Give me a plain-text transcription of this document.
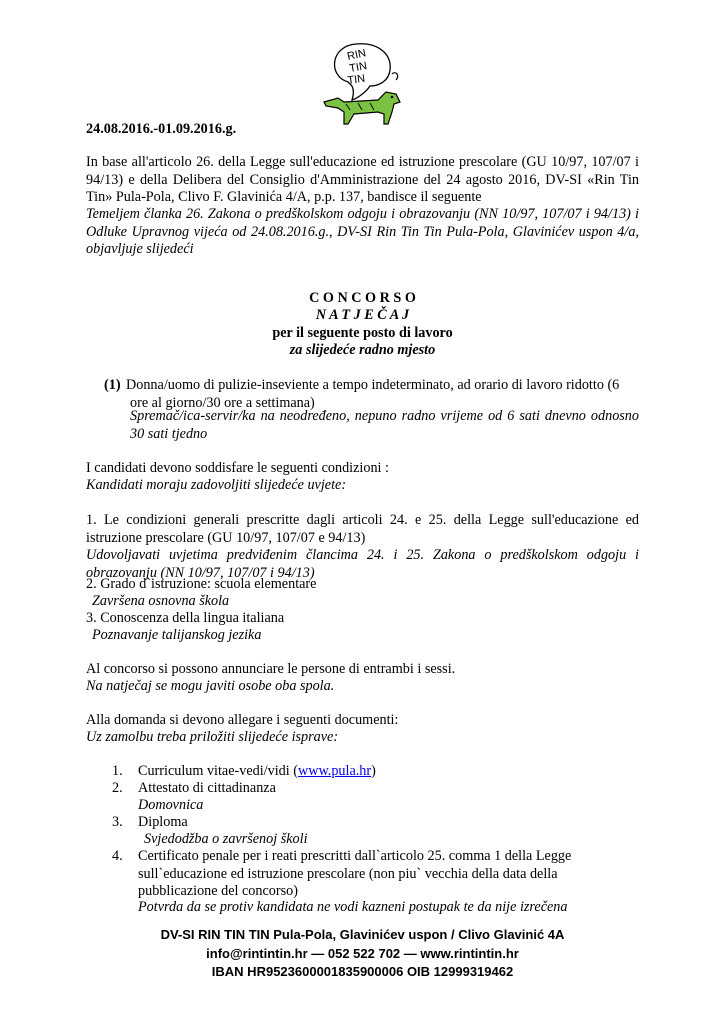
RIN
TIN
TIN
24.08.2016.-01.09.2016.g.
In base all'articolo 26. della Legge sull'educazione ed istruzione prescolare (GU 10/97, 107/07 i 94/13) e della Delibera del Consiglio d'Amministrazione del 24 agosto 2016, DV-SI «Rin Tin Tin» Pula-Pola, Clivo F. Glavinića 4/A, p.p. 137, bandisce il seguente
Temeljem članka 26. Zakona o predškolskom odgoju i obrazovanju (NN 10/97, 107/07 i 94/13) i Odluke Upravnog vijeća od 24.08.2016.g., DV-SI Rin Tin Tin Pula-Pola, Glavinićev uspon 4/a, objavljuje slijedeći
C O N C O R S O
N A T J E Č A J
per il seguente posto di lavoro
za slijedeće radno mjesto
(1) Donna/uomo di pulizie-inseviente a tempo indeterminato, ad orario di lavoro ridotto (6 ore al giorno/30 ore a settimana)
Spremač/ica-servir/ka na neodređeno, nepuno radno vrijeme od 6 sati dnevno odnosno 30 sati tjedno
I candidati devono soddisfare le seguenti condizioni :
Kandidati moraju zadovoljiti slijedeće uvjete:
1. Le condizioni generali prescritte dagli articoli 24. e 25. della Legge sull'educazione ed istruzione prescolare (GU 10/97, 107/07 e 94/13)
Udovoljavati uvjetima predviđenim člancima 24. i 25. Zakona o predškolskom odgoju i obrazovanju (NN 10/97, 107/07 i 94/13)
2. Grado d`istruzione: scuola elementare
Završena osnovna škola
3. Conoscenza della lingua italiana
Poznavanje talijanskog jezika
Al concorso si possono annunciare le persone di entrambi i sessi.
Na natječaj se mogu javiti osobe oba spola.
Alla domanda si devono allegare i seguenti documenti:
Uz zamolbu treba priložiti slijedeće isprave:
1. Curriculum vitae-vedi/vidi (www.pula.hr)
2. Attestato di cittadinanza
Domovnica
3. Diploma
Svjedodžba o završenoj školi
4. Certificato penale per i reati prescritti dall`articolo 25. comma 1 della Legge sull`educazione ed istruzione prescolare (non piu` vecchia della data della pubblicazione del concorso)
Potvrda da se protiv kandidata ne vodi kazneni postupak te da nije izrečena
DV-SI RIN TIN TIN Pula-Pola, Glavinićev uspon / Clivo Glavinić 4A
info@rintintin.hr — 052 522 702 — www.rintintin.hr
IBAN HR9523600001835900006 OIB 12999319462
